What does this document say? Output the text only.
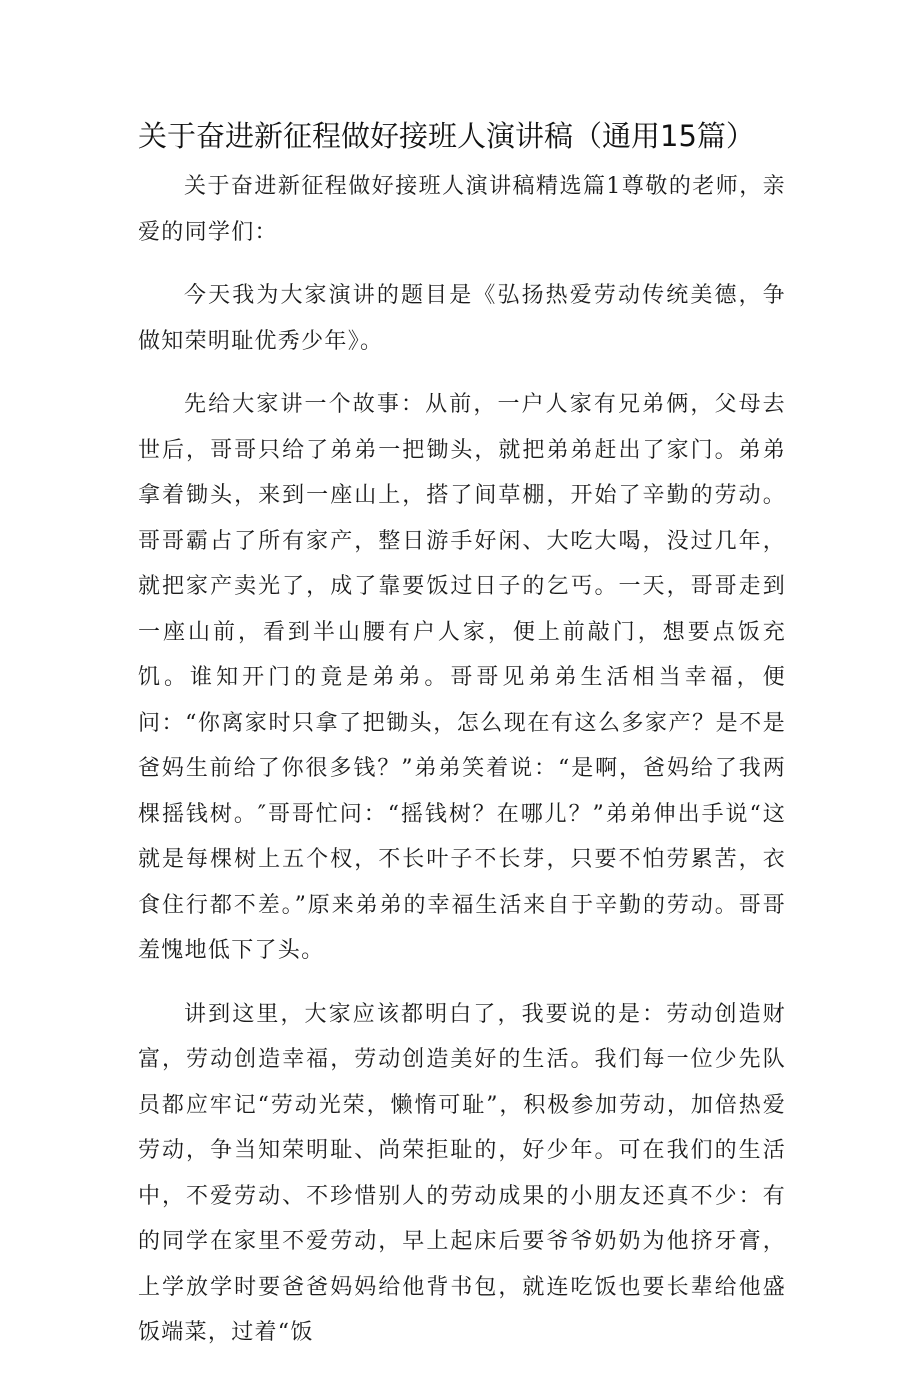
关于奋进新征程做好接班人演讲稿（通用15篇）

关于奋进新征程做好接班人演讲稿精选篇1尊敬的老师，亲爱的同学们：

今天我为大家演讲的题目是《弘扬热爱劳动传统美德，争做知荣明耻优秀少年》。

先给大家讲一个故事：从前，一户人家有兄弟俩，父母去世后，哥哥只给了弟弟一把锄头，就把弟弟赶出了家门。弟弟拿着锄头，来到一座山上，搭了间草棚，开始了辛勤的劳动。哥哥霸占了所有家产，整日游手好闲、大吃大喝，没过几年，就把家产卖光了，成了靠要饭过日子的乞丐。一天，哥哥走到一座山前，看到半山腰有户人家，便上前敲门，想要点饭充饥。谁知开门的竟是弟弟。哥哥见弟弟生活相当幸福，便问：“你离家时只拿了把锄头，怎么现在有这么多家产？是不是爸妈生前给了你很多钱？”弟弟笑着说：“是啊，爸妈给了我两棵摇钱树。″哥哥忙问：“摇钱树？在哪儿？”弟弟伸出手说“这就是每棵树上五个杈，不长叶子不长芽，只要不怕劳累苦，衣食住行都不差。”原来弟弟的幸福生活来自于辛勤的劳动。哥哥羞愧地低下了头。

讲到这里，大家应该都明白了，我要说的是：劳动创造财富，劳动创造幸福，劳动创造美好的生活。我们每一位少先队员都应牢记“劳动光荣，懒惰可耻”，积极参加劳动，加倍热爱劳动，争当知荣明耻、尚荣拒耻的，好少年。可在我们的生活中，不爱劳动、不珍惜别人的劳动成果的小朋友还真不少：有的同学在家里不爱劳动，早上起床后要爷爷奶奶为他挤牙膏，上学放学时要爸爸妈妈给他背书包，就连吃饭也要长辈给他盛饭端菜，过着“饭
